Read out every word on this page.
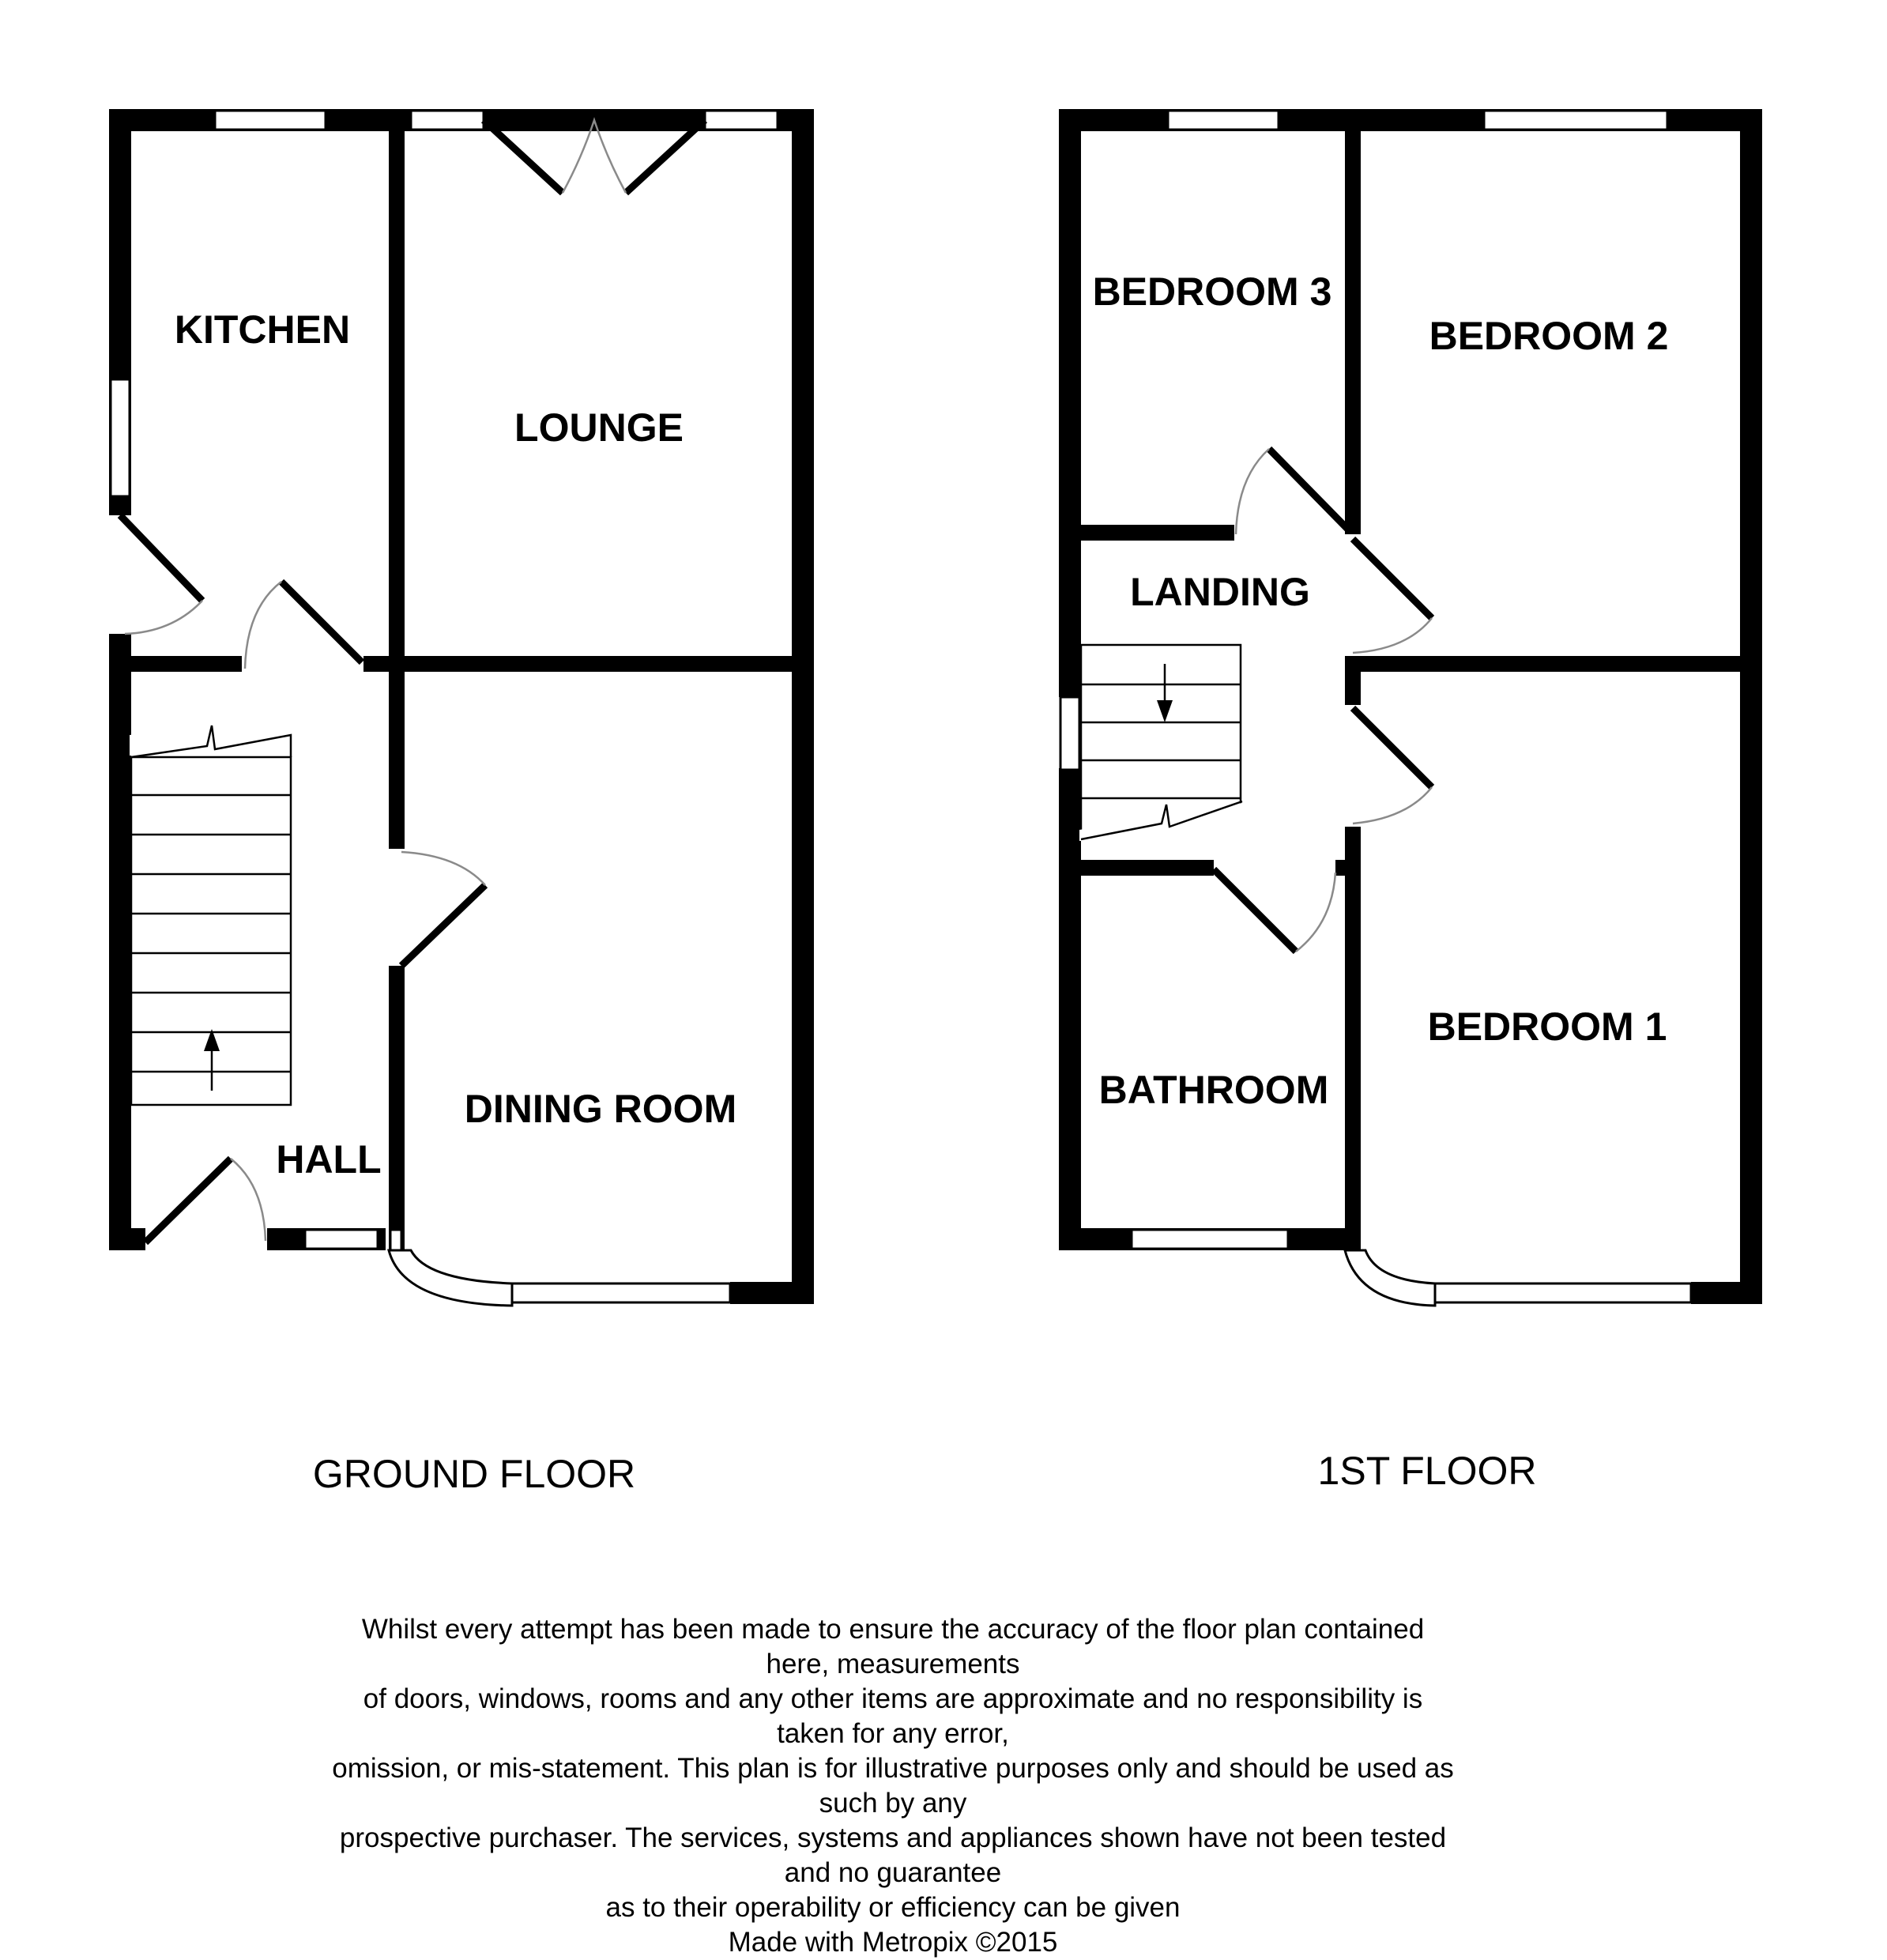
KITCHEN
LOUNGE
DINING ROOM
HALL
BEDROOM 3
BEDROOM 2
LANDING
BATHROOM
BEDROOM 1
GROUND FLOOR	1ST FLOOR

Whilst every attempt has been made to ensure the accuracy of the floor plan contained here, measurements

of doors, windows, rooms and any other items are approximate and no responsibility is taken for any error,

omission, or mis-statement. This plan is for illustrative purposes only and should be used as such by any

prospective purchaser. The services, systems and appliances shown have not been tested and no guarantee

as to their operability or efficiency can be given

Made with Metropix ©2015
